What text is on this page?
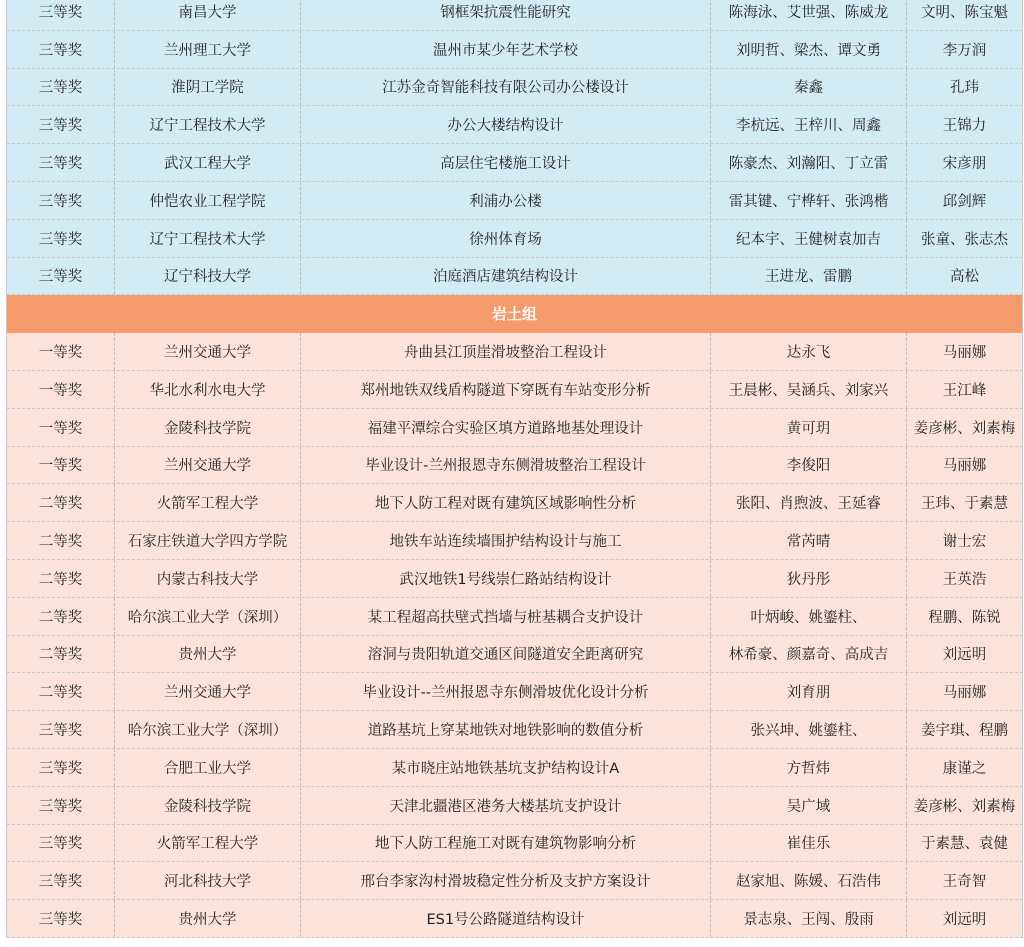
三等奖	南昌大学	钢框架抗震性能研究	陈海泳、艾世强、陈威龙	文明、陈宝魁
三等奖	兰州理工大学	温州市某少年艺术学校	刘明哲、梁杰、谭文勇	李万润
三等奖	淮阴工学院	江苏金奇智能科技有限公司办公楼设计	秦鑫	孔玮
三等奖	辽宁工程技术大学	办公大楼结构设计	李杭远、王梓川、周鑫	王锦力
三等奖	武汉工程大学	高层住宅楼施工设计	陈豪杰、刘瀚阳、丁立雷	宋彦朋
三等奖	仲恺农业工程学院	利浦办公楼	雷其键、宁桦轩、张鸿楷	邱剑辉
三等奖	辽宁工程技术大学	徐州体育场	纪本宇、王健树袁加吉	张童、张志杰
三等奖	辽宁科技大学	泊庭酒店建筑结构设计	王进龙、雷鹏	高松
岩土组
一等奖	兰州交通大学	舟曲县江顶崖滑坡整治工程设计	达永飞	马丽娜
一等奖	华北水利水电大学	郑州地铁双线盾构隧道下穿既有车站变形分析	王晨彬、吴涵兵、刘家兴	王江峰
一等奖	金陵科技学院	福建平潭综合实验区填方道路地基处理设计	黄可玥	姜彦彬、刘素梅
一等奖	兰州交通大学	毕业设计-兰州报恩寺东侧滑坡整治工程设计	李俊阳	马丽娜
二等奖	火箭军工程大学	地下人防工程对既有建筑区域影响性分析	张阳、肖煦波、王延睿	王玮、于素慧
二等奖	石家庄铁道大学四方学院	地铁车站连续墙围护结构设计与施工	常芮晴	谢士宏
二等奖	内蒙古科技大学	武汉地铁1号线崇仁路站结构设计	狄丹彤	王英浩
二等奖	哈尔滨工业大学（深圳）	某工程超高扶壁式挡墙与桩基耦合支护设计	叶炳峻、姚鎏柱、	程鹏、陈锐
二等奖	贵州大学	溶洞与贵阳轨道交通区间隧道安全距离研究	林希豪、颜嘉奇、高成吉	刘远明
二等奖	兰州交通大学	毕业设计--兰州报恩寺东侧滑坡优化设计分析	刘育朋	马丽娜
三等奖	哈尔滨工业大学（深圳）	道路基坑上穿某地铁对地铁影响的数值分析	张兴坤、姚鎏柱、	姜宇琪、程鹏
三等奖	合肥工业大学	某市晓庄站地铁基坑支护结构设计A	方哲炜	康谨之
三等奖	金陵科技学院	天津北疆港区港务大楼基坑支护设计	吴广域	姜彦彬、刘素梅
三等奖	火箭军工程大学	地下人防工程施工对既有建筑物影响分析	崔佳乐	于素慧、袁健
三等奖	河北科技大学	邢台李家沟村滑坡稳定性分析及支护方案设计	赵家旭、陈媛、石浩伟	王奇智
三等奖	贵州大学	ES1号公路隧道结构设计	景志泉、王闯、殷雨	刘远明
